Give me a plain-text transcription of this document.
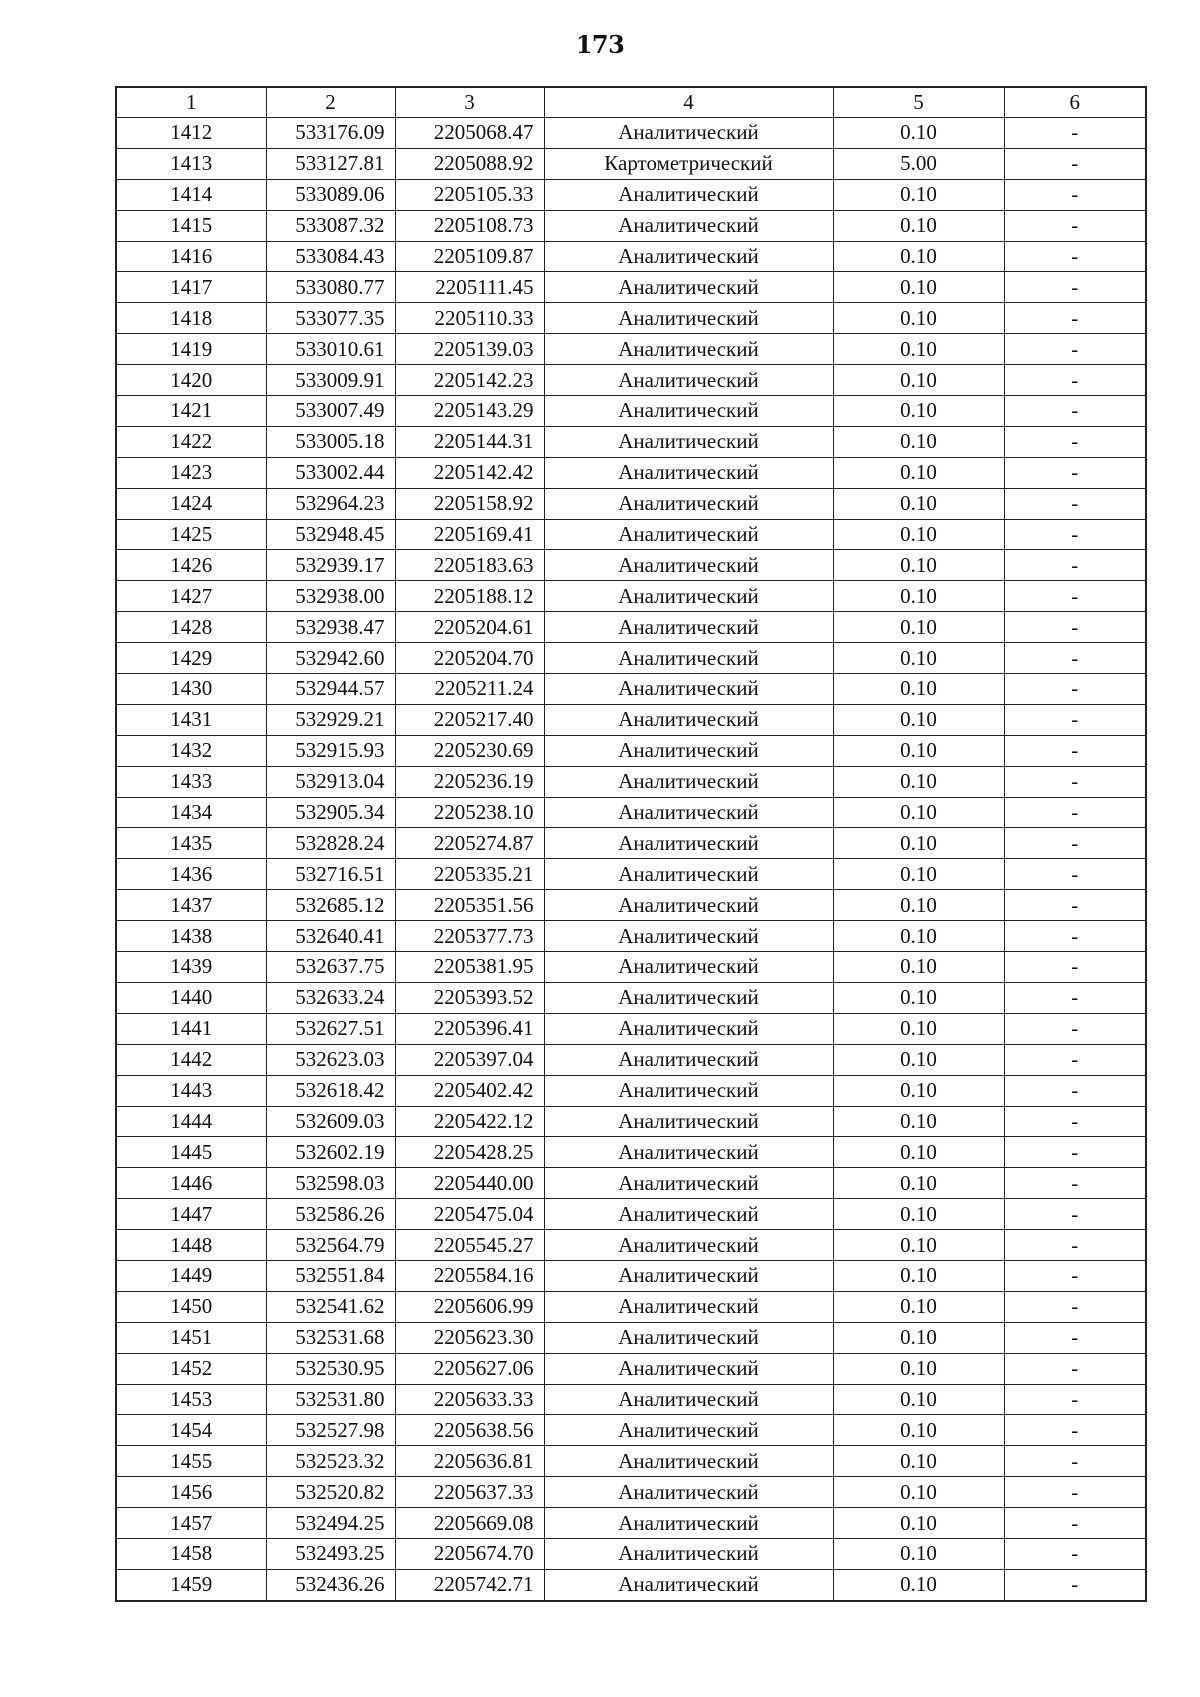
173
1	2	3	4	5	6
1412	533176.09	2205068.47	Аналитический	0.10	-
1413	533127.81	2205088.92	Картометрический	5.00	-
1414	533089.06	2205105.33	Аналитический	0.10	-
1415	533087.32	2205108.73	Аналитический	0.10	-
1416	533084.43	2205109.87	Аналитический	0.10	-
1417	533080.77	2205111.45	Аналитический	0.10	-
1418	533077.35	2205110.33	Аналитический	0.10	-
1419	533010.61	2205139.03	Аналитический	0.10	-
1420	533009.91	2205142.23	Аналитический	0.10	-
1421	533007.49	2205143.29	Аналитический	0.10	-
1422	533005.18	2205144.31	Аналитический	0.10	-
1423	533002.44	2205142.42	Аналитический	0.10	-
1424	532964.23	2205158.92	Аналитический	0.10	-
1425	532948.45	2205169.41	Аналитический	0.10	-
1426	532939.17	2205183.63	Аналитический	0.10	-
1427	532938.00	2205188.12	Аналитический	0.10	-
1428	532938.47	2205204.61	Аналитический	0.10	-
1429	532942.60	2205204.70	Аналитический	0.10	-
1430	532944.57	2205211.24	Аналитический	0.10	-
1431	532929.21	2205217.40	Аналитический	0.10	-
1432	532915.93	2205230.69	Аналитический	0.10	-
1433	532913.04	2205236.19	Аналитический	0.10	-
1434	532905.34	2205238.10	Аналитический	0.10	-
1435	532828.24	2205274.87	Аналитический	0.10	-
1436	532716.51	2205335.21	Аналитический	0.10	-
1437	532685.12	2205351.56	Аналитический	0.10	-
1438	532640.41	2205377.73	Аналитический	0.10	-
1439	532637.75	2205381.95	Аналитический	0.10	-
1440	532633.24	2205393.52	Аналитический	0.10	-
1441	532627.51	2205396.41	Аналитический	0.10	-
1442	532623.03	2205397.04	Аналитический	0.10	-
1443	532618.42	2205402.42	Аналитический	0.10	-
1444	532609.03	2205422.12	Аналитический	0.10	-
1445	532602.19	2205428.25	Аналитический	0.10	-
1446	532598.03	2205440.00	Аналитический	0.10	-
1447	532586.26	2205475.04	Аналитический	0.10	-
1448	532564.79	2205545.27	Аналитический	0.10	-
1449	532551.84	2205584.16	Аналитический	0.10	-
1450	532541.62	2205606.99	Аналитический	0.10	-
1451	532531.68	2205623.30	Аналитический	0.10	-
1452	532530.95	2205627.06	Аналитический	0.10	-
1453	532531.80	2205633.33	Аналитический	0.10	-
1454	532527.98	2205638.56	Аналитический	0.10	-
1455	532523.32	2205636.81	Аналитический	0.10	-
1456	532520.82	2205637.33	Аналитический	0.10	-
1457	532494.25	2205669.08	Аналитический	0.10	-
1458	532493.25	2205674.70	Аналитический	0.10	-
1459	532436.26	2205742.71	Аналитический	0.10	-
